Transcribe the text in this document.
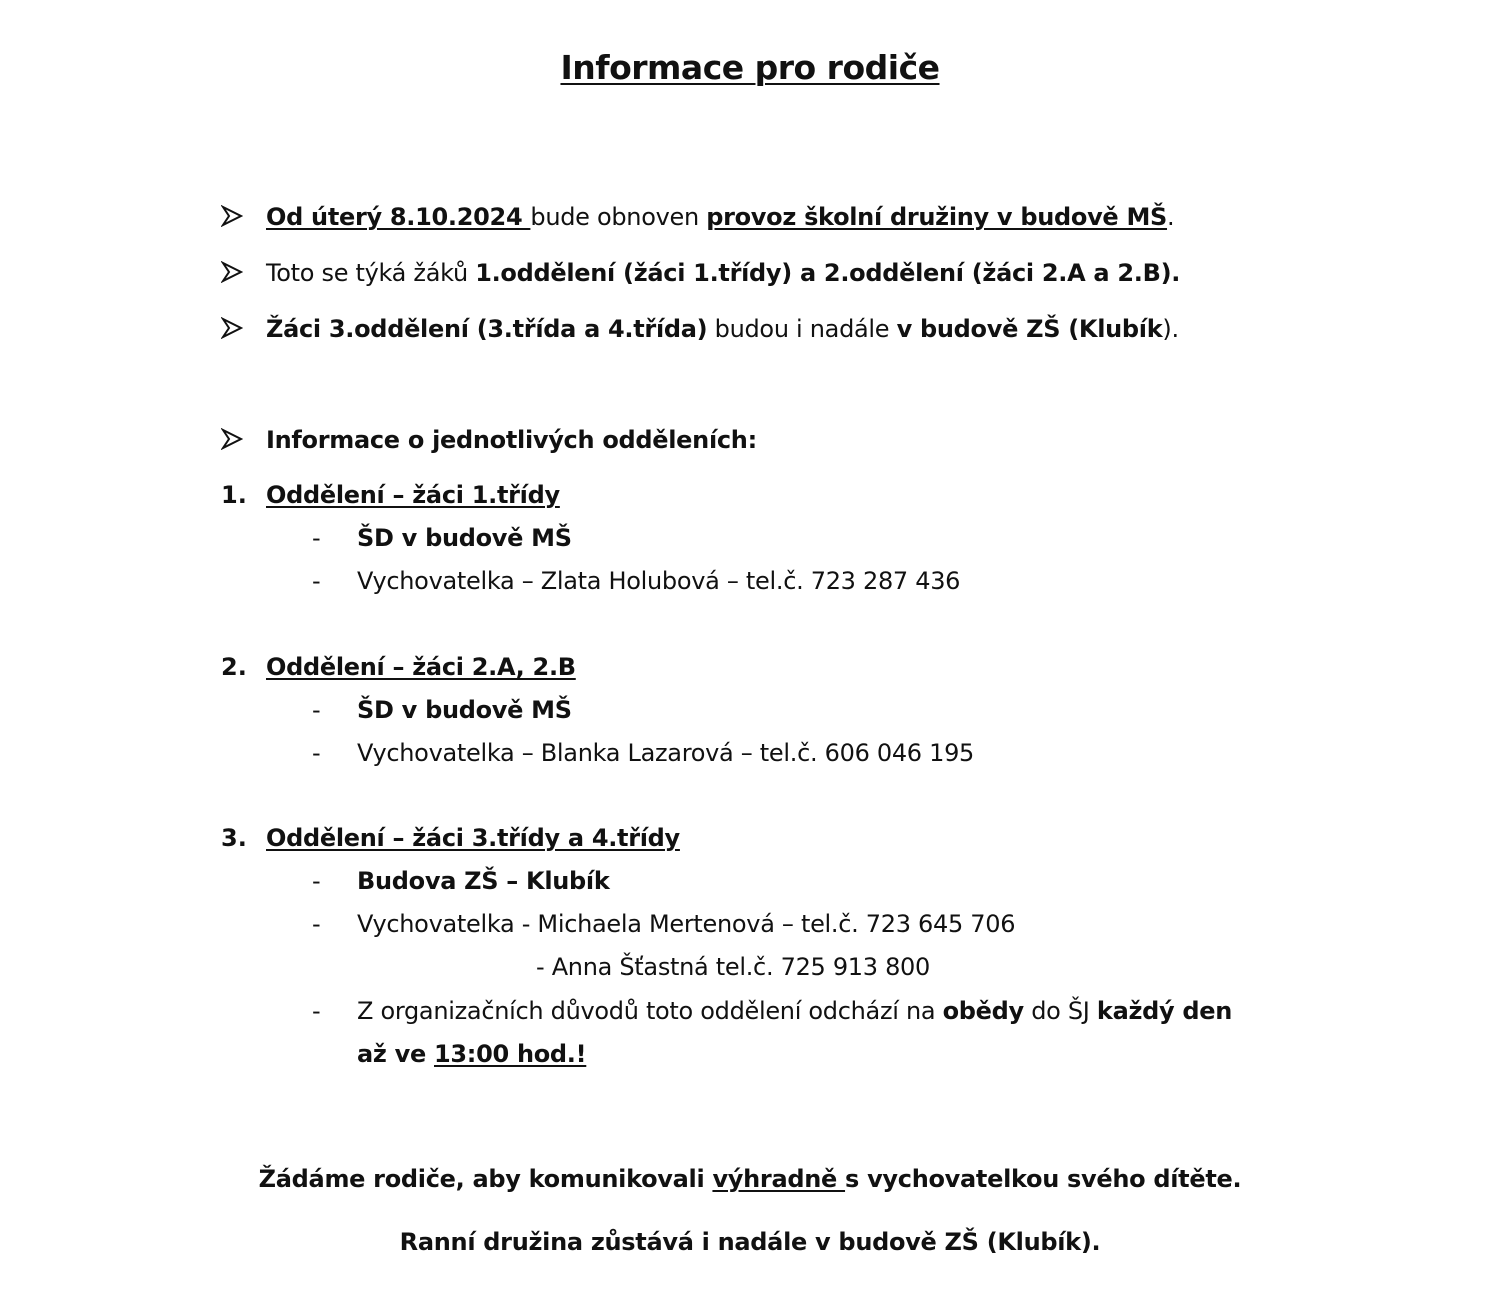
Informace pro rodiče
Od úterý 8.10.2024 bude obnoven provoz školní družiny v budově MŠ.
Toto se týká žáků 1.oddělení (žáci 1.třídy) a 2.oddělení (žáci 2.A a 2.B).
Žáci 3.oddělení (3.třída a 4.třída) budou i nadále v budově ZŠ (Klubík).
Informace o jednotlivých odděleních:
1. Oddělení – žáci 1.třídy
- ŠD v budově MŠ
- Vychovatelka – Zlata Holubová – tel.č. 723 287 436
2. Oddělení – žáci 2.A, 2.B
- ŠD v budově MŠ
- Vychovatelka – Blanka Lazarová – tel.č. 606 046 195
3. Oddělení – žáci 3.třídy a 4.třídy
- Budova ZŠ – Klubík
- Vychovatelka - Michaela Mertenová – tel.č. 723 645 706
- Anna Šťastná tel.č. 725 913 800
- Z organizačních důvodů toto oddělení odchází na obědy do ŠJ každý den
až ve 13:00 hod.!
Žádáme rodiče, aby komunikovali výhradně s vychovatelkou svého dítěte.
Ranní družina zůstává i nadále v budově ZŠ (Klubík).
